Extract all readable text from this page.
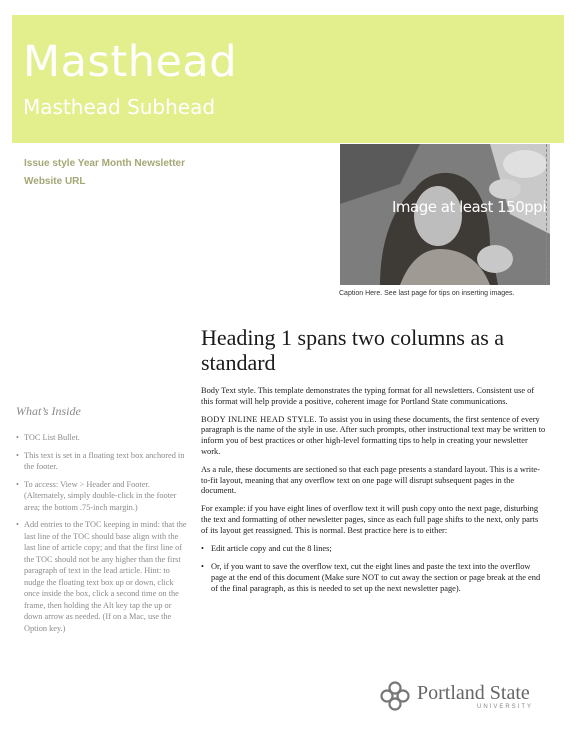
Masthead
Masthead Subhead
Issue style Year Month Newsletter
Website URL
Image at least 150ppi
Caption Here. See last page for tips on inserting images.
What’s Inside
• TOC List Bullet.
• This text is set in a floating text box anchored in the footer.
• To access: View > Header and Footer. (Alternately, simply double-click in the footer area; the bottom .75-inch margin.)
• Add entries to the TOC keeping in mind: that the last line of the TOC should base align with the last line of article copy; and that the first line of the TOC should not be any higher than the first paragraph of text in the lead article. Hint: to nudge the floating text box up or down, click once inside the box, click a second time on the frame, then holding the Alt key tap the up or down arrow as needed. (If on a Mac, use the Option key.)
Heading 1 spans two columns as a standard

Body Text style. This template demonstrates the typing format for all newsletters. Consistent use of this format will help provide a positive, coherent image for Portland State communications.

BODY INLINE HEAD STYLE. To assist you in using these documents, the first sentence of every paragraph is the name of the style in use. After such prompts, other instructional text may be written to inform you of best practices or other high-level formatting tips to help in creating your newsletter work.

As a rule, these documents are sectioned so that each page presents a standard layout. This is a write-to-fit layout, meaning that any overflow text on one page will disrupt subsequent pages in the document.

For example: if you have eight lines of overflow text it will push copy onto the next page, disturbing the text and formatting of other newsletter pages, since as each full page shifts to the next, only parts of its layout get reassigned. This is normal. Best practice here is to either:

• Edit article copy and cut the 8 lines;
• Or, if you want to save the overflow text, cut the eight lines and paste the text into the overflow page at the end of this document (Make sure NOT to cut away the section or page break at the end of the final paragraph, as this is needed to set up the next newsletter page).
Portland State
UNIVERSITY
